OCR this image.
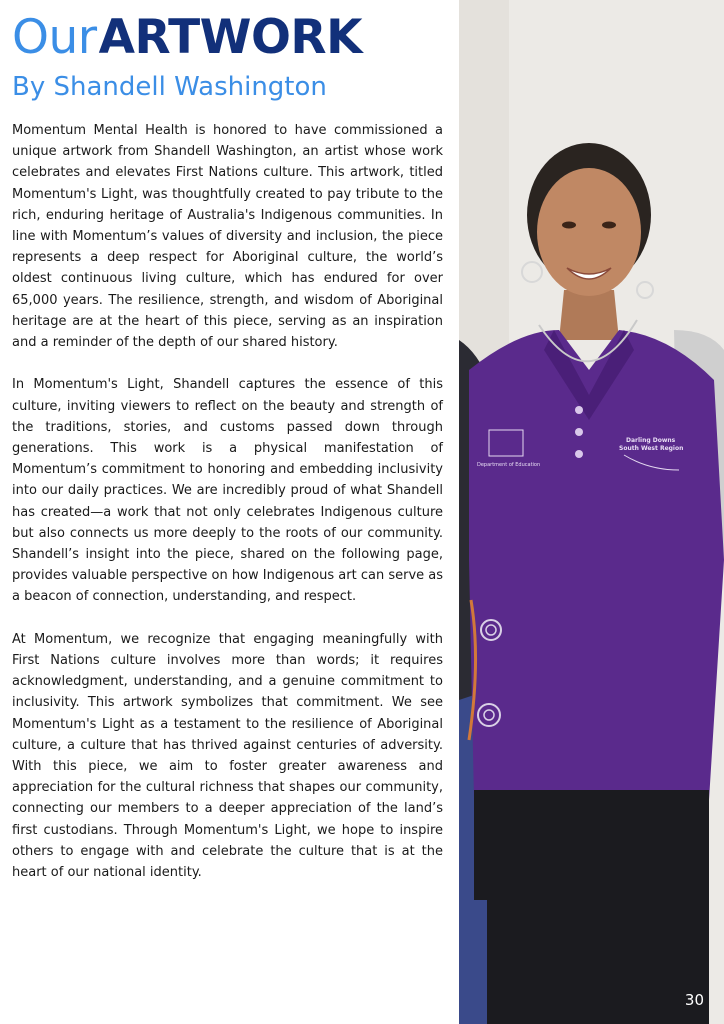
OurARTWORK

By Shandell Washington

Momentum Mental Health is honored to have commissioned a unique artwork from Shandell Washington, an artist whose work celebrates and elevates First Nations culture. This artwork, titled Momentum's Light, was thoughtfully created to pay tribute to the rich, enduring heritage of Australia's Indigenous communities. In line with Momentum’s values of diversity and inclusion, the piece represents a deep respect for Aboriginal culture, the world’s oldest continuous living culture, which has endured for over 65,000 years. The resilience, strength, and wisdom of Aboriginal heritage are at the heart of this piece, serving as an inspiration and a reminder of the depth of our shared history.

In Momentum's Light, Shandell captures the essence of this culture, inviting viewers to reflect on the beauty and strength of the traditions, stories, and customs passed down through generations. This work is a physical manifestation of Momentum’s commitment to honoring and embedding inclusivity into our daily practices. We are incredibly proud of what Shandell has created—a work that not only celebrates Indigenous culture but also connects us more deeply to the roots of our community. Shandell’s insight into the piece, shared on the following page, provides valuable perspective on how Indigenous art can serve as a beacon of connection, understanding, and respect.

At Momentum, we recognize that engaging meaningfully with First Nations culture involves more than words; it requires acknowledgment, understanding, and a genuine commitment to inclusivity. This artwork symbolizes that commitment. We see Momentum's Light as a testament to the resilience of Aboriginal culture, a culture that has thrived against centuries of adversity. With this piece, we aim to foster greater awareness and appreciation for the cultural richness that shapes our community, connecting our members to a deeper appreciation of the land’s first custodians. Through Momentum's Light, we hope to inspire others to engage with and celebrate the culture that is at the heart of our national identity.

Department of Education
Darling Downs
South West Region

30
